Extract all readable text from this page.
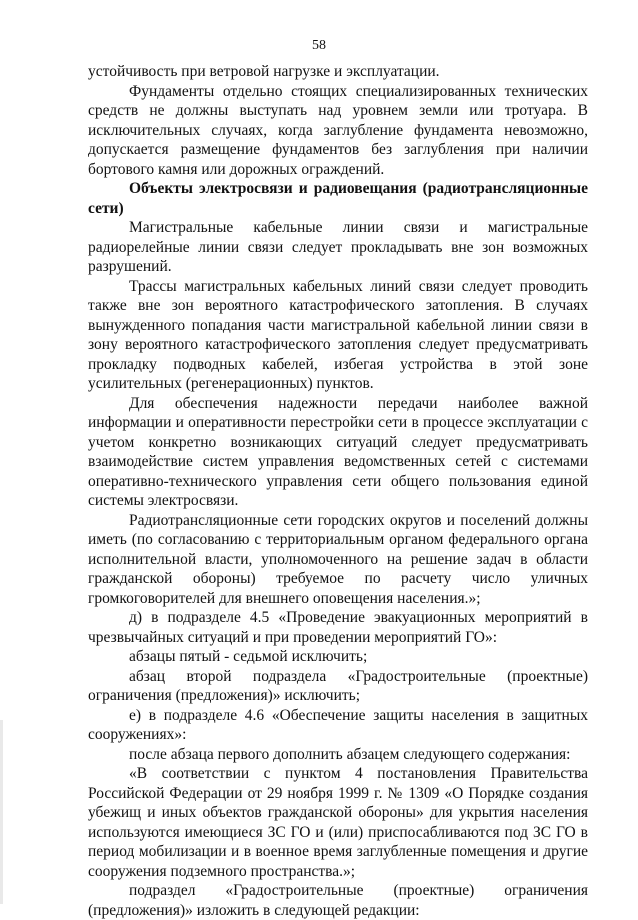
58

устойчивость при ветровой нагрузке и эксплуатации.

Фундаменты отдельно стоящих специализированных технических средств не должны выступать над уровнем земли или тротуара. В исключительных случаях, когда заглубление фундамента невозможно, допускается размещение фундаментов без заглубления при наличии бортового камня или дорожных ограждений.

Объекты электросвязи и радиовещания (радиотрансляционные сети)

Магистральные кабельные линии связи и магистральные радиорелейные линии связи следует прокладывать вне зон возможных разрушений.

Трассы магистральных кабельных линий связи следует проводить также вне зон вероятного катастрофического затопления. В случаях вынужденного попадания части магистральной кабельной линии связи в зону вероятного катастрофического затопления следует предусматривать прокладку подводных кабелей, избегая устройства в этой зоне усилительных (регенерационных) пунктов.

Для обеспечения надежности передачи наиболее важной информации и оперативности перестройки сети в процессе эксплуатации с учетом конкретно возникающих ситуаций следует предусматривать взаимодействие систем управления ведомственных сетей с системами оперативно-технического управления сети общего пользования единой системы электросвязи.

Радиотрансляционные сети городских округов и поселений должны иметь (по согласованию с территориальным органом федерального органа исполнительной власти, уполномоченного на решение задач в области гражданской обороны) требуемое по расчету число уличных громкоговорителей для внешнего оповещения населения.»;

д) в подразделе 4.5 «Проведение эвакуационных мероприятий в чрезвычайных ситуаций и при проведении мероприятий ГО»:

абзацы пятый - седьмой исключить;

абзац второй подраздела «Градостроительные (проектные) ограничения (предложения)» исключить;

е) в подразделе 4.6 «Обеспечение защиты населения в защитных сооружениях»:

после абзаца первого дополнить абзацем следующего содержания:

«В соответствии с пунктом 4 постановления Правительства Российской Федерации от 29 ноября 1999 г. № 1309 «О Порядке создания убежищ и иных объектов гражданской обороны» для укрытия населения используются имеющиеся ЗС ГО и (или) приспосабливаются под ЗС ГО в период мобилизации и в военное время заглубленные помещения и другие сооружения подземного пространства.»;

подраздел «Градостроительные (проектные) ограничения (предложения)» изложить в следующей редакции:
